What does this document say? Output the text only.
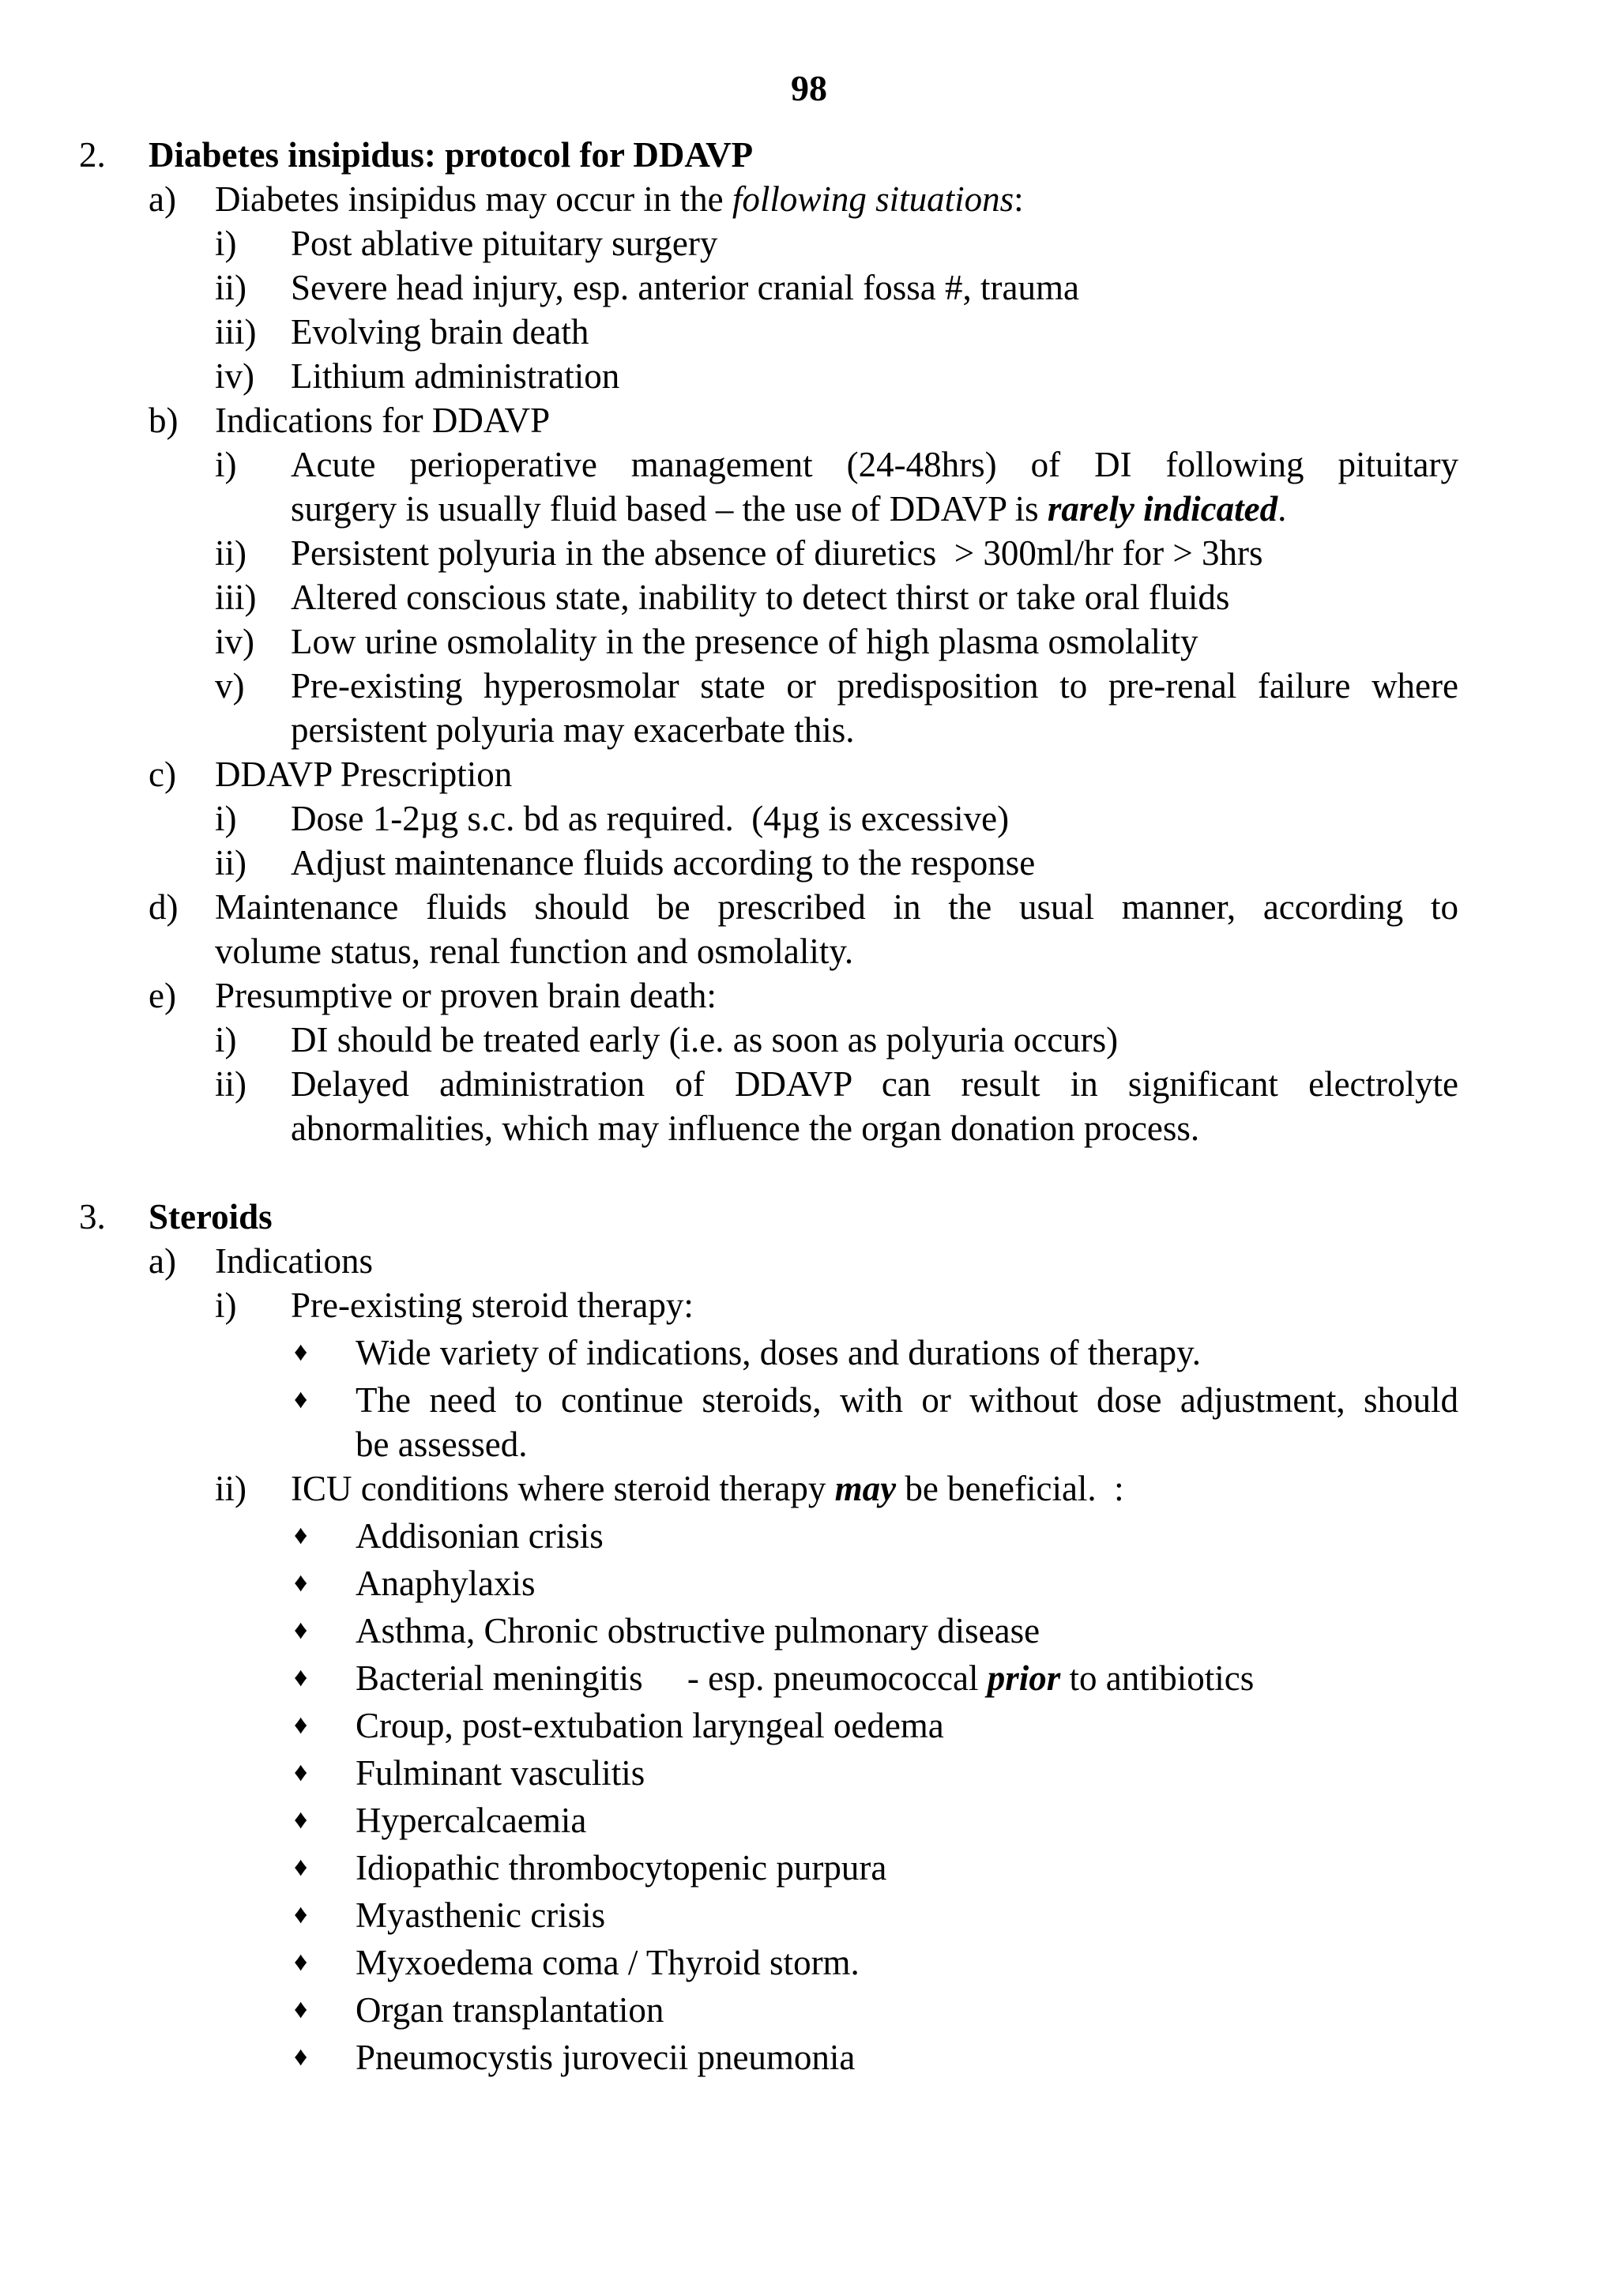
98
2. Diabetes insipidus: protocol for DDAVP
a) Diabetes insipidus may occur in the following situations:
i) Post ablative pituitary surgery
ii) Severe head injury, esp. anterior cranial fossa #, trauma
iii) Evolving brain death
iv) Lithium administration
b) Indications for DDAVP
i) Acute perioperative management (24-48hrs) of DI following pituitary
surgery is usually fluid based – the use of DDAVP is rarely indicated.
ii) Persistent polyuria in the absence of diuretics  > 300ml/hr for > 3hrs
iii) Altered conscious state, inability to detect thirst or take oral fluids
iv) Low urine osmolality in the presence of high plasma osmolality
v) Pre-existing hyperosmolar state or predisposition to pre-renal failure where
persistent polyuria may exacerbate this.
c) DDAVP Prescription
i) Dose 1-2µg s.c. bd as required.  (4µg is excessive)
ii) Adjust maintenance fluids according to the response
d) Maintenance fluids should be prescribed in the usual manner, according to
volume status, renal function and osmolality.
e) Presumptive or proven brain death:
i) DI should be treated early (i.e. as soon as polyuria occurs)
ii) Delayed administration of DDAVP can result in significant electrolyte
abnormalities, which may influence the organ donation process.
3. Steroids
a) Indications
i) Pre-existing steroid therapy:
♦ Wide variety of indications, doses and durations of therapy.
♦ The need to continue steroids, with or without dose adjustment, should
be assessed.
ii) ICU conditions where steroid therapy may be beneficial.  :
♦ Addisonian crisis
♦ Anaphylaxis
♦ Asthma, Chronic obstructive pulmonary disease
♦ Bacterial meningitis     - esp. pneumococcal prior to antibiotics
♦ Croup, post-extubation laryngeal oedema
♦ Fulminant vasculitis
♦ Hypercalcaemia
♦ Idiopathic thrombocytopenic purpura
♦ Myasthenic crisis
♦ Myxoedema coma / Thyroid storm.
♦ Organ transplantation
♦ Pneumocystis jurovecii pneumonia
